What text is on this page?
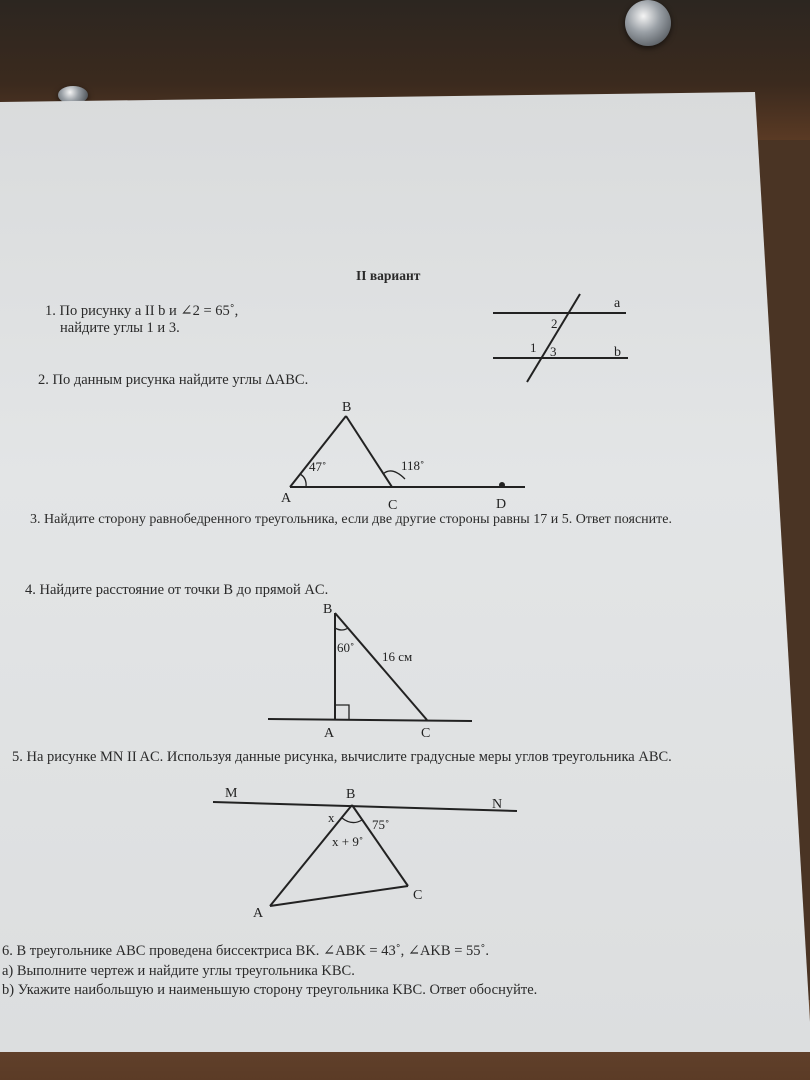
II вариант
1. По рисунку a II b и ∠2 = 65˚,
найдите углы 1 и 3.
2. По данным рисунка найдите углы ΔABC.
3. Найдите сторону равнобедренного треугольника, если две другие стороны равны 17 и 5. Ответ поясните.
4. Найдите расстояние от точки B до прямой AC.
5. На рисунке MN II AC. Используя данные рисунка, вычислите градусные меры углов треугольника ABC.
6. В треугольнике ABC проведена биссектриса BK. ∠ABK = 43˚, ∠AKB = 55˚.
а) Выполните чертеж и найдите углы треугольника KBC.
b) Укажите наибольшую и наименьшую сторону треугольника KBC. Ответ обоснуйте.
a
b
2
1 3
B
A	C	D
47˚	118˚
B
A	C
60˚
16 см
M	B
N
x	75˚
x + 9˚
A
C
